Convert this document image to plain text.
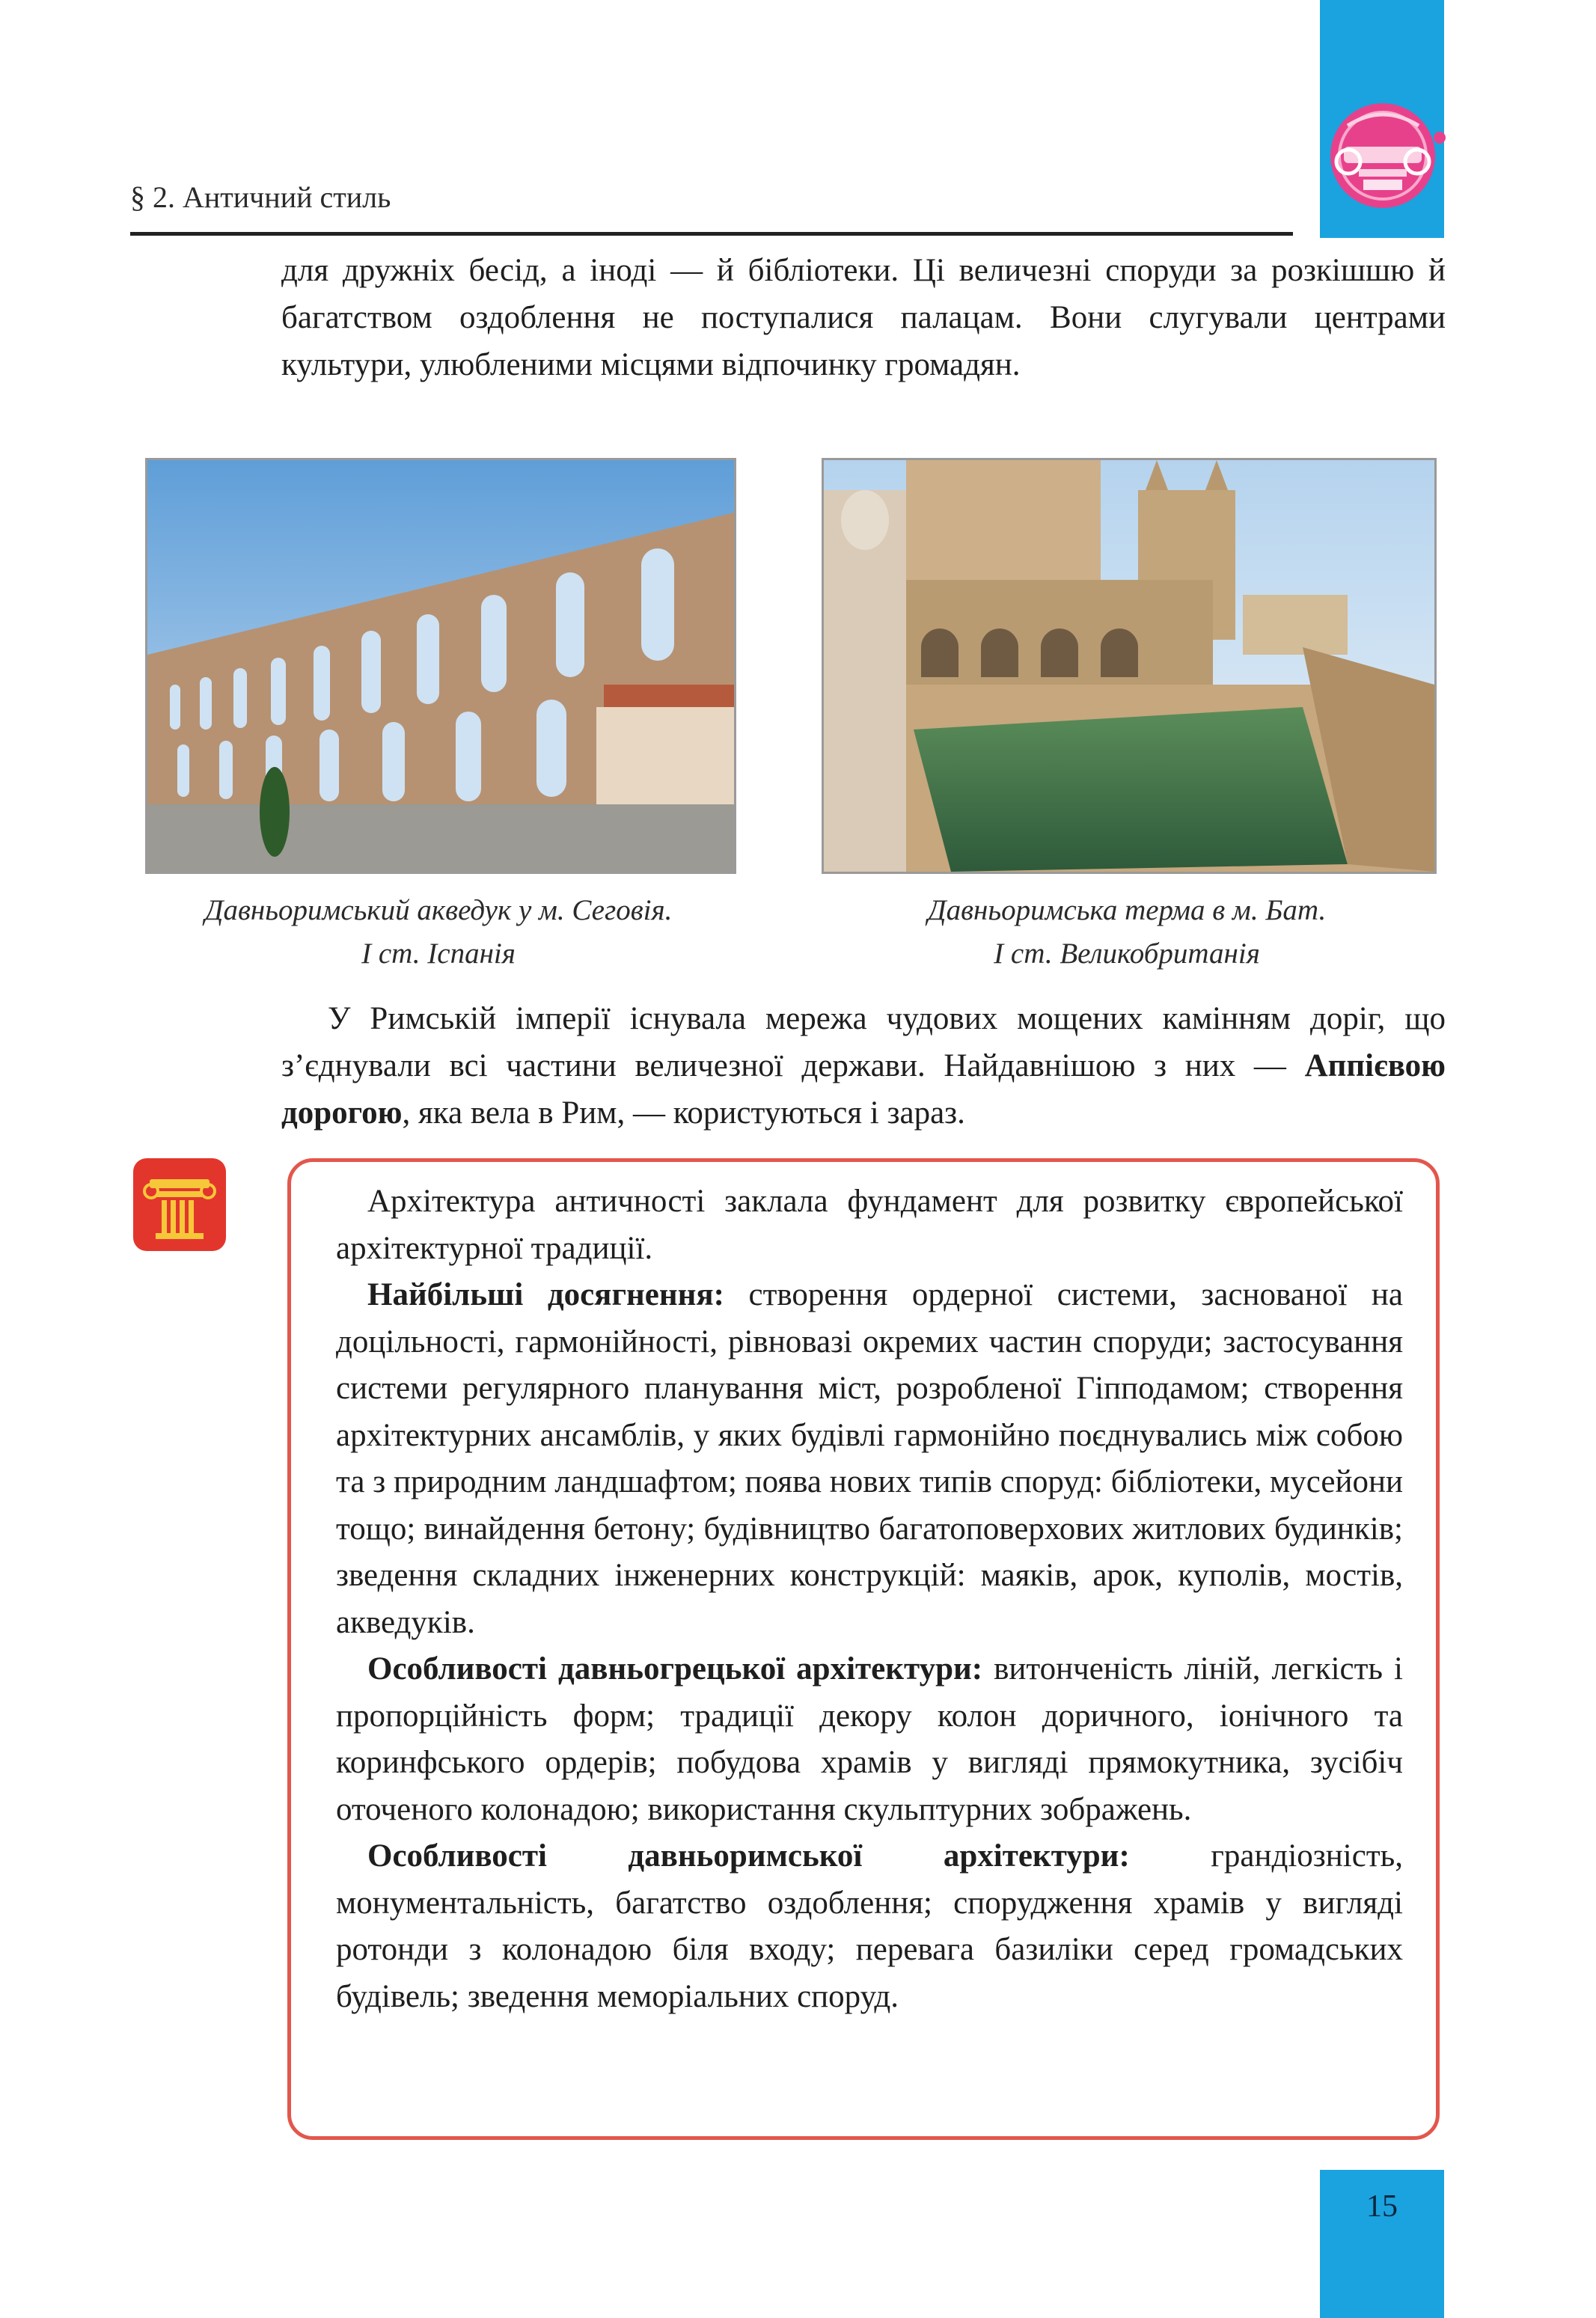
§ 2. Античний стиль
для дружніх бесід, а іноді — й бібліотеки. Ці величезні споруди за розкішшю й багатством оздоблення не поступалися палацам. Вони слугували центрами культури, улюбленими місцями відпочинку громадян.
Давньоримський акведук у м. Сеговія.
І ст. Іспанія
Давньоримська терма в м. Бат.
І ст. Великобританія
У Римській імперії існувала мережа чудових мощених камінням доріг, що з’єднували всі частини величезної держави. Найдавнішою з них — Аппієвою дорогою, яка вела в Рим, — користуються і зараз.

Архітектура античності заклала фундамент для розвитку європейської архітектурної традиції.

Найбільші досягнення: створення ордерної системи, заснованої на доцільності, гармонійності, рівновазі окремих частин споруди; застосування системи регулярного планування міст, розробленої Гіпподамом; створення архітектурних ансамблів, у яких будівлі гармонійно поєднувались між собою та з природним ландшафтом; поява нових типів споруд: бібліотеки, мусейони тощо; винайдення бетону; будівництво багатоповерхових житлових будинків; зведення складних інженерних конструкцій: маяків, арок, куполів, мостів, акведуків.

Особливості давньогрецької архітектури: витонченість ліній, легкість і пропорційність форм; традиції декору колон доричного, іонічного та коринфського ордерів; побудова храмів у вигляді прямокутника, зусібіч оточеного колонадою; використання скульптурних зображень.

Особливості давньоримської архітектури: грандіозність, монументальність, багатство оздоблення; спорудження храмів у вигляді ротонди з колонадою біля входу; перевага базиліки серед громадських будівель; зведення меморіальних споруд.

15
